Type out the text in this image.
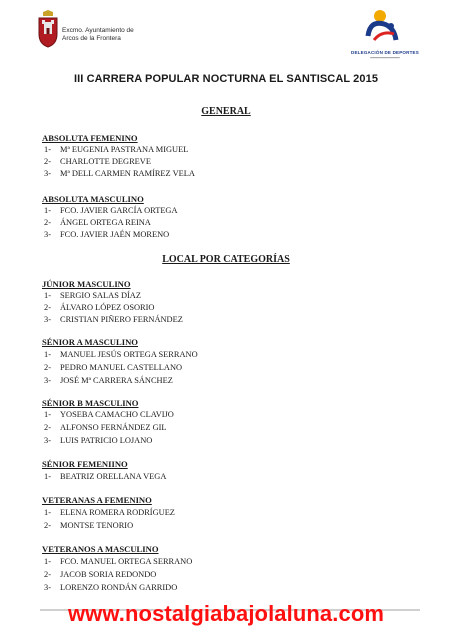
Excmo. Ayuntamiento de
Arcos de la Frontera
DELEGACIÓN DE DEPORTES
━━━━━━━━━━━━━━
III CARRERA POPULAR NOCTURNA EL SANTISCAL 2015
GENERAL
ABSOLUTA FEMENINO
1- Mª EUGENIA PASTRANA MIGUEL
2- CHARLOTTE DEGREVE
3- Mª DELL CARMEN RAMÍREZ VELA
ABSOLUTA MASCULINO
1- FCO. JAVIER GARCÍA ORTEGA
2- ÁNGEL ORTEGA REINA
3- FCO. JAVIER JAÉN MORENO
LOCAL POR CATEGORÍAS
JÚNIOR MASCULINO
1- SERGIO SALAS DÍAZ
2- ÁLVARO LÓPEZ OSORIO
3- CRISTIAN PIÑERO FERNÁNDEZ
SÉNIOR A MASCULINO
1- MANUEL JESÚS ORTEGA SERRANO
2- PEDRO MANUEL CASTELLANO
3- JOSÉ Mª CARRERA SÁNCHEZ
SÉNIOR B MASCULINO
1- YOSEBA CAMACHO CLAVIJO
2- ALFONSO FERNÁNDEZ GIL
3- LUIS PATRICIO LOJANO
SÉNIOR FEMENIINO
1- BEATRIZ ORELLANA VEGA
VETERANAS A FEMENINO
1- ELENA ROMERA RODRÍGUEZ
2- MONTSE TENORIO
VETERANOS A MASCULINO
1- FCO. MANUEL ORTEGA SERRANO
2- JACOB SORIA REDONDO
3- LORENZO RONDÁN GARRIDO
www.nostalgiabajolaluna.com
